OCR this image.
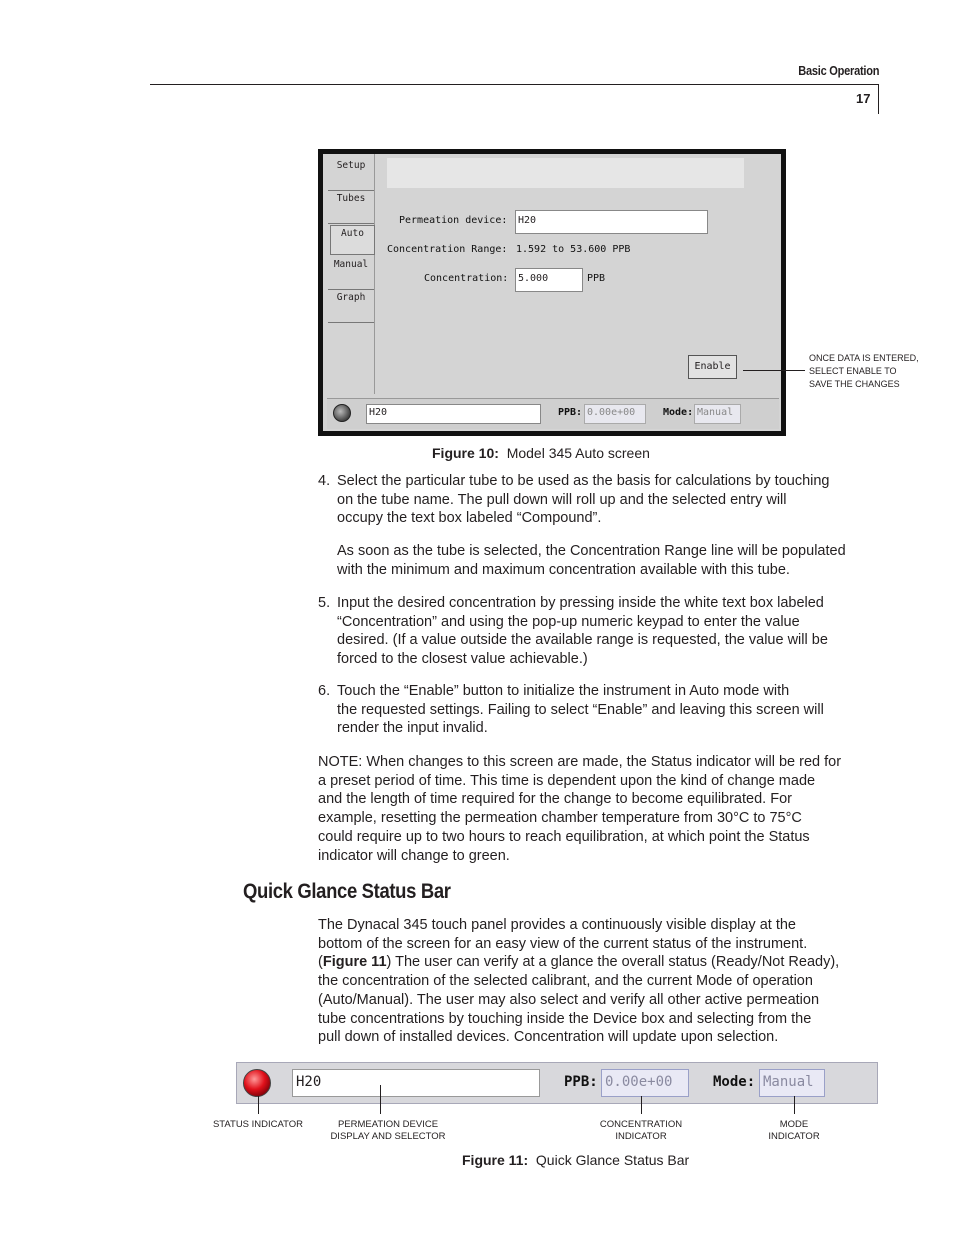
Basic Operation
17
Setup
Tubes
Auto
Manual
Graph
Permeation device:	H20
Concentration Range: 1.592 to 53.600 PPB
Concentration: 5.000	PPB
Enable
H20	PPB: 0.00e+00	Mode: Manual
ONCE DATA IS ENTERED,
SELECT ENABLE TO
SAVE THE CHANGES
Figure 10: Model 345 Auto screen
4. Select the particular tube to be used as the basis for calculations by touching
on the tube name. The pull down will roll up and the selected entry will
occupy the text box labeled “Compound”.
As soon as the tube is selected, the Concentration Range line will be populated
with the minimum and maximum concentration available with this tube.
5. Input the desired concentration by pressing inside the white text box labeled
“Concentration” and using the pop-up numeric keypad to enter the value
desired. (If a value outside the available range is requested, the value will be
forced to the closest value achievable.)
6. Touch the “Enable” button to initialize the instrument in Auto mode with
the requested settings. Failing to select “Enable” and leaving this screen will
render the input invalid.
NOTE: When changes to this screen are made, the Status indicator will be red for
a preset period of time. This time is dependent upon the kind of change made
and the length of time required for the change to become equilibrated. For
example, resetting the permeation chamber temperature from 30°C to 75°C
could require up to two hours to reach equilibration, at which point the Status
indicator will change to green.
Quick Glance Status Bar
The Dynacal 345 touch panel provides a continuously visible display at the
bottom of the screen for an easy view of the current status of the instrument.
(Figure 11) The user can verify at a glance the overall status (Ready/Not Ready),
the concentration of the selected calibrant, and the current Mode of operation
(Auto/Manual). The user may also select and verify all other active permeation
tube concentrations by touching inside the Device box and selecting from the
pull down of installed devices. Concentration will update upon selection.
H20	PPB: 0.00e+00	Mode: Manual
STATUS INDICATOR	PERMEATION DEVICE
DISPLAY AND SELECTOR
CONCENTRATION
INDICATOR
MODE
INDICATOR
Figure 11: Quick Glance Status Bar
